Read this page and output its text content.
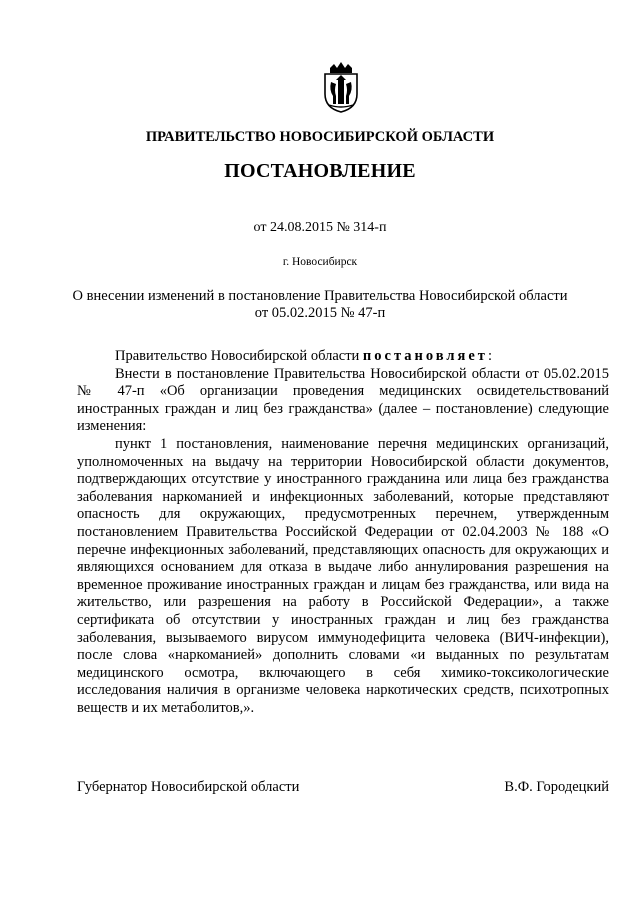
ПРАВИТЕЛЬСТВО НОВОСИБИРСКОЙ ОБЛАСТИ
ПОСТАНОВЛЕНИЕ
от 24.08.2015 № 314-п
г. Новосибирск
О внесении изменений в постановление Правительства Новосибирской области
от 05.02.2015 № 47-п

Правительство Новосибирской области постановляет:

Внести в постановление Правительства Новосибирской области от 05.02.2015 № 47-п «Об организации проведения медицинских освидетельствований иностранных граждан и лиц без гражданства» (далее – постановление) следующие изменения:

пункт 1 постановления, наименование перечня медицинских организаций, уполномоченных на выдачу на территории Новосибирской области документов, подтверждающих отсутствие у иностранного гражданина или лица без гражданства заболевания наркоманией и инфекционных заболеваний, которые представляют опасность для окружающих, предусмотренных перечнем, утвержденным постановлением Правительства Российской Федерации от 02.04.2003 № 188 «О перечне инфекционных заболеваний, представляющих опасность для окружающих и являющихся основанием для отказа в выдаче либо аннулирования разрешения на временное проживание иностранных граждан и лицам без гражданства, или вида на жительство, или разрешения на работу в Российской Федерации», а также сертификата об отсутствии у иностранных граждан и лиц без гражданства заболевания, вызываемого вирусом иммунодефицита человека (ВИЧ-инфекции), после слова «наркоманией» дополнить словами «и выданных по результатам медицинского осмотра, включающего в себя химико-токсикологические исследования наличия в организме человека наркотических средств, психотропных веществ и их метаболитов,».

Губернатор Новосибирской области	В.Ф. Городецкий
